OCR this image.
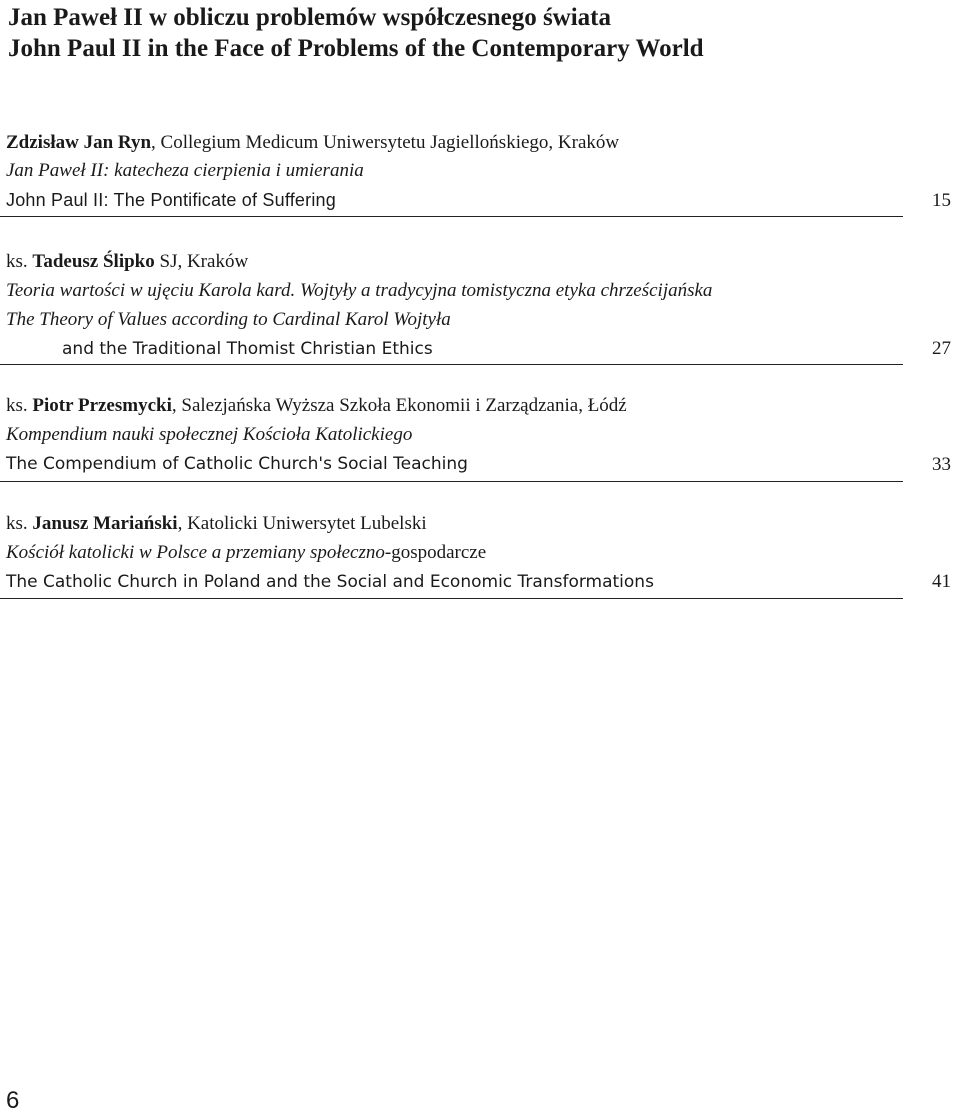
Jan Paweł II w obliczu problemów współczesnego świata
John Paul II in the Face of Problems of the Contemporary World
Zdzisław Jan Ryn, Collegium Medicum Uniwersytetu Jagiellońskiego, Kraków
Jan Paweł II: katecheza cierpienia i umierania
John Paul II: The Pontificate of Suffering	15
ks. Tadeusz Ślipko SJ, Kraków
Teoria wartości w ujęciu Karola kard. Wojtyły a tradycyjna tomistyczna etyka chrześcijańska
The Theory of Values according to Cardinal Karol Wojtyła
and the Traditional Thomist Christian Ethics	27
ks. Piotr Przesmycki, Salezjańska Wyższa Szkoła Ekonomii i Zarządzania, Łódź
Kompendium nauki społecznej Kościoła Katolickiego
The Compendium of Catholic Church's Social Teaching	33
ks. Janusz Mariański, Katolicki Uniwersytet Lubelski
Kościół katolicki w Polsce a przemiany społeczno-gospodarcze
The Catholic Church in Poland and the Social and Economic Transformations	41
6
